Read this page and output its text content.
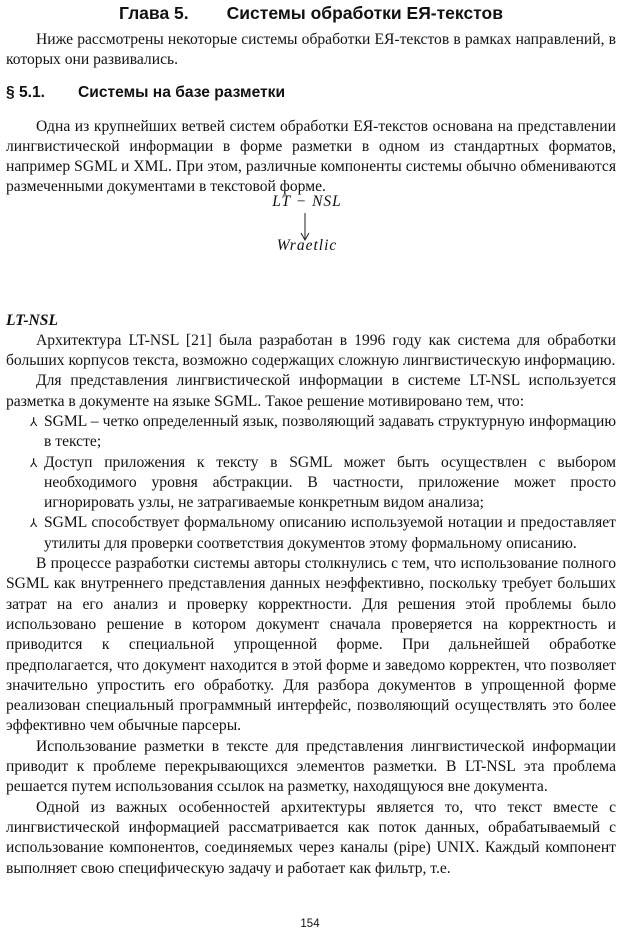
Глава 5. Системы обработки ЕЯ-текстов

Ниже рассмотрены некоторые системы обработки ЕЯ-текстов в рамках направлений, в которых они развивались.

§ 5.1. Системы на базе разметки

Одна из крупнейших ветвей систем обработки ЕЯ-текстов основана на представлении лингвистической информации в форме разметки в одном из стандартных форматов, например SGML и XML. При этом, различные компоненты системы обычно обмениваются размеченными документами в текстовой форме.

LT − NSL
Wraetlic
LT-NSL

Архитектура LT-NSL [21] была разработан в 1996 году как система для обработки больших корпусов текста, возможно содержащих сложную лингвистическую информацию.

Для представления лингвистической информации в системе LT-NSL используется разметка в документе на языке SGML. Такое решение мотивировано тем, что:

⅄ SGML – четко определенный язык, позволяющий задавать структурную информацию в тексте;
⅄ Доступ приложения к тексту в SGML может быть осуществлен с выбором необходимого уровня абстракции. В частности, приложение может просто игнорировать узлы, не затрагиваемые конкретным видом анализа;
⅄ SGML способствует формальному описанию используемой нотации и предоставляет утилиты для проверки соответствия документов этому формальному описанию.

В процессе разработки системы авторы столкнулись с тем, что использование полного SGML как внутреннего представления данных неэффективно, поскольку требует больших затрат на его анализ и проверку корректности. Для решения этой проблемы было использовано решение в котором документ сначала проверяется на корректность и приводится к специальной упрощенной форме. При дальнейшей обработке предполагается, что документ находится в этой форме и заведомо корректен, что позволяет значительно упростить его обработку. Для разбора документов в упрощенной форме реализован специальный программный интерфейс, позволяющий осуществлять это более эффективно чем обычные парсеры.

Использование разметки в тексте для представления лингвистической информации приводит к проблеме перекрывающихся элементов разметки. В LT-NSL эта проблема решается путем использования ссылок на разметку, находящуюся вне документа.

Одной из важных особенностей архитектуры является то, что текст вместе с лингвистической информацией рассматривается как поток данных, обрабатываемый с использование компонентов, соединяемых через каналы (pipe) UNIX. Каждый компонент выполняет свою специфическую задачу и работает как фильтр, т.е.

154
